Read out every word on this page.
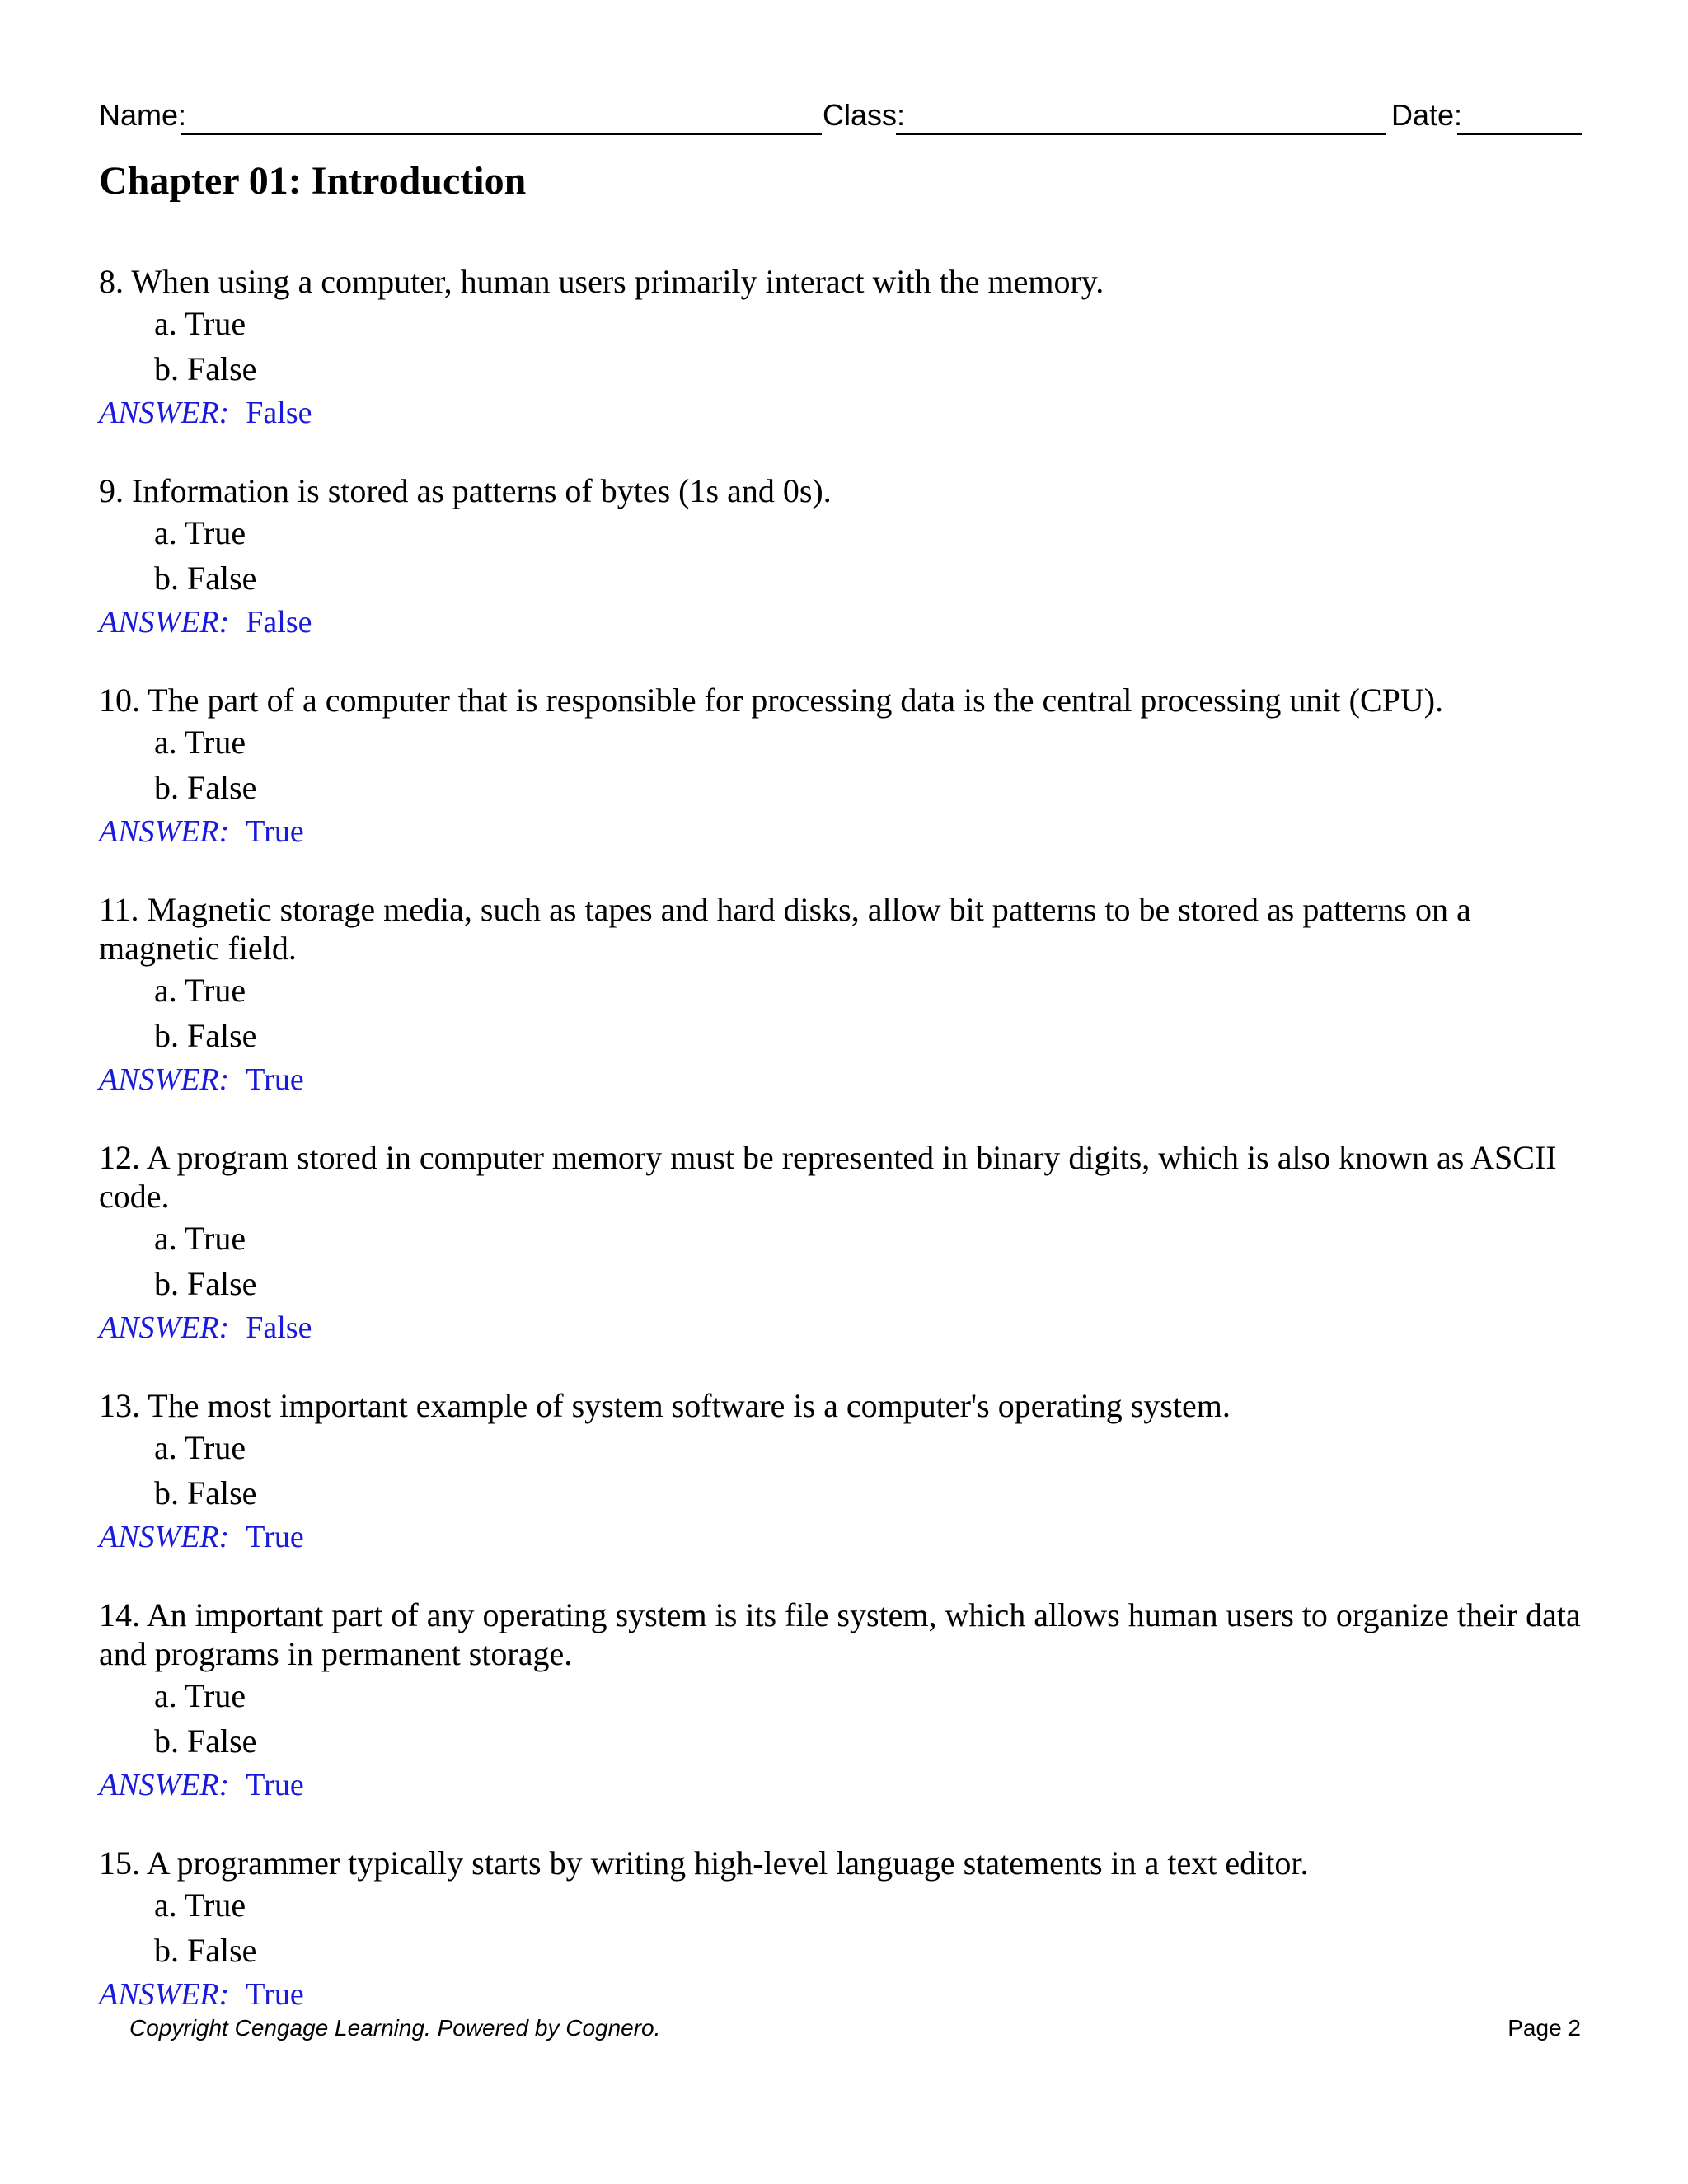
Name:	Class:	Date:
Chapter 01: Introduction
8. When using a computer, human users primarily interact with the memory.
a. True
b. False
ANSWER: False
9. Information is stored as patterns of bytes (1s and 0s).
a. True
b. False
ANSWER: False
10. The part of a computer that is responsible for processing data is the central processing unit (CPU).
a. True
b. False
ANSWER: True
11. Magnetic storage media, such as tapes and hard disks, allow bit patterns to be stored as patterns on a magnetic field.
a. True
b. False
ANSWER: True
12. A program stored in computer memory must be represented in binary digits, which is also known as ASCII code.
a. True
b. False
ANSWER: False
13. The most important example of system software is a computer's operating system.
a. True
b. False
ANSWER: True
14. An important part of any operating system is its file system, which allows human users to organize their data and programs in permanent storage.
a. True
b. False
ANSWER: True
15. A programmer typically starts by writing high-level language statements in a text editor.
a. True
b. False
ANSWER: True
Copyright Cengage Learning. Powered by Cognero.	Page 2
